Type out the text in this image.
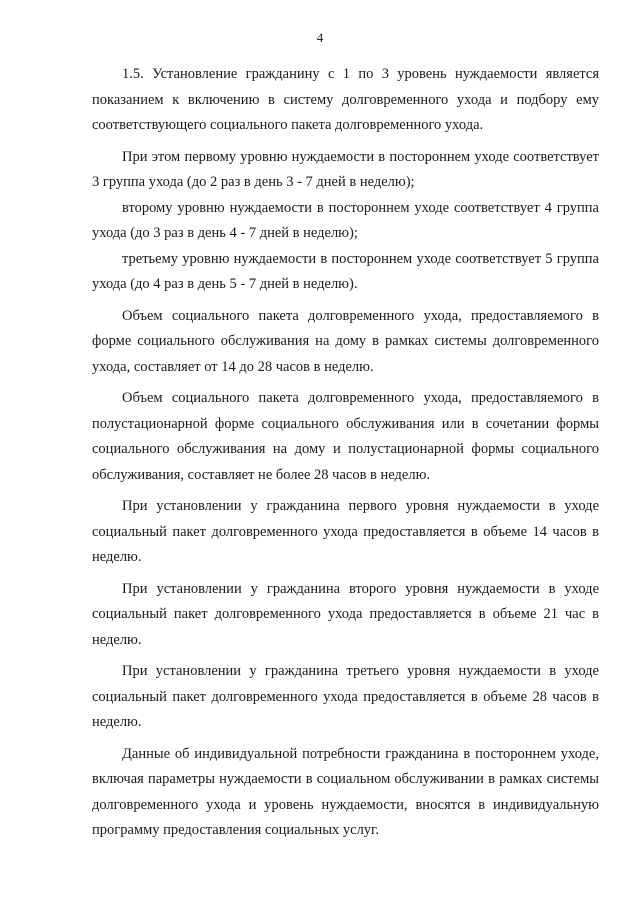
4

1.5. Установление гражданину с 1 по 3 уровень нуждаемости является показанием к включению в систему долговременного ухода и подбору ему соответствующего социального пакета долговременного ухода.

При этом первому уровню нуждаемости в постороннем уходе соответствует 3 группа ухода (до 2 раз в день 3 - 7 дней в неделю);

второму уровню нуждаемости в постороннем уходе соответствует 4 группа ухода (до 3 раз в день 4 - 7 дней в неделю);

третьему уровню нуждаемости в постороннем уходе соответствует 5 группа ухода (до 4 раз в день 5 - 7 дней в неделю).

Объем социального пакета долговременного ухода, предоставляемого в форме социального обслуживания на дому в рамках системы долговременного ухода, составляет от 14 до 28 часов в неделю.

Объем социального пакета долговременного ухода, предоставляемого в полустационарной форме социального обслуживания или в сочетании формы социального обслуживания на дому и полустационарной формы социального обслуживания, составляет не более 28 часов в неделю.

При установлении у гражданина первого уровня нуждаемости в уходе социальный пакет долговременного ухода предоставляется в объеме 14 часов в неделю.

При установлении у гражданина второго уровня нуждаемости в уходе социальный пакет долговременного ухода предоставляется в объеме 21 час в неделю.

При установлении у гражданина третьего уровня нуждаемости в уходе социальный пакет долговременного ухода предоставляется в объеме 28 часов в неделю.

Данные об индивидуальной потребности гражданина в постороннем уходе, включая параметры нуждаемости в социальном обслуживании в рамках системы долговременного ухода и уровень нуждаемости, вносятся в индивидуальную программу предоставления социальных услуг.
